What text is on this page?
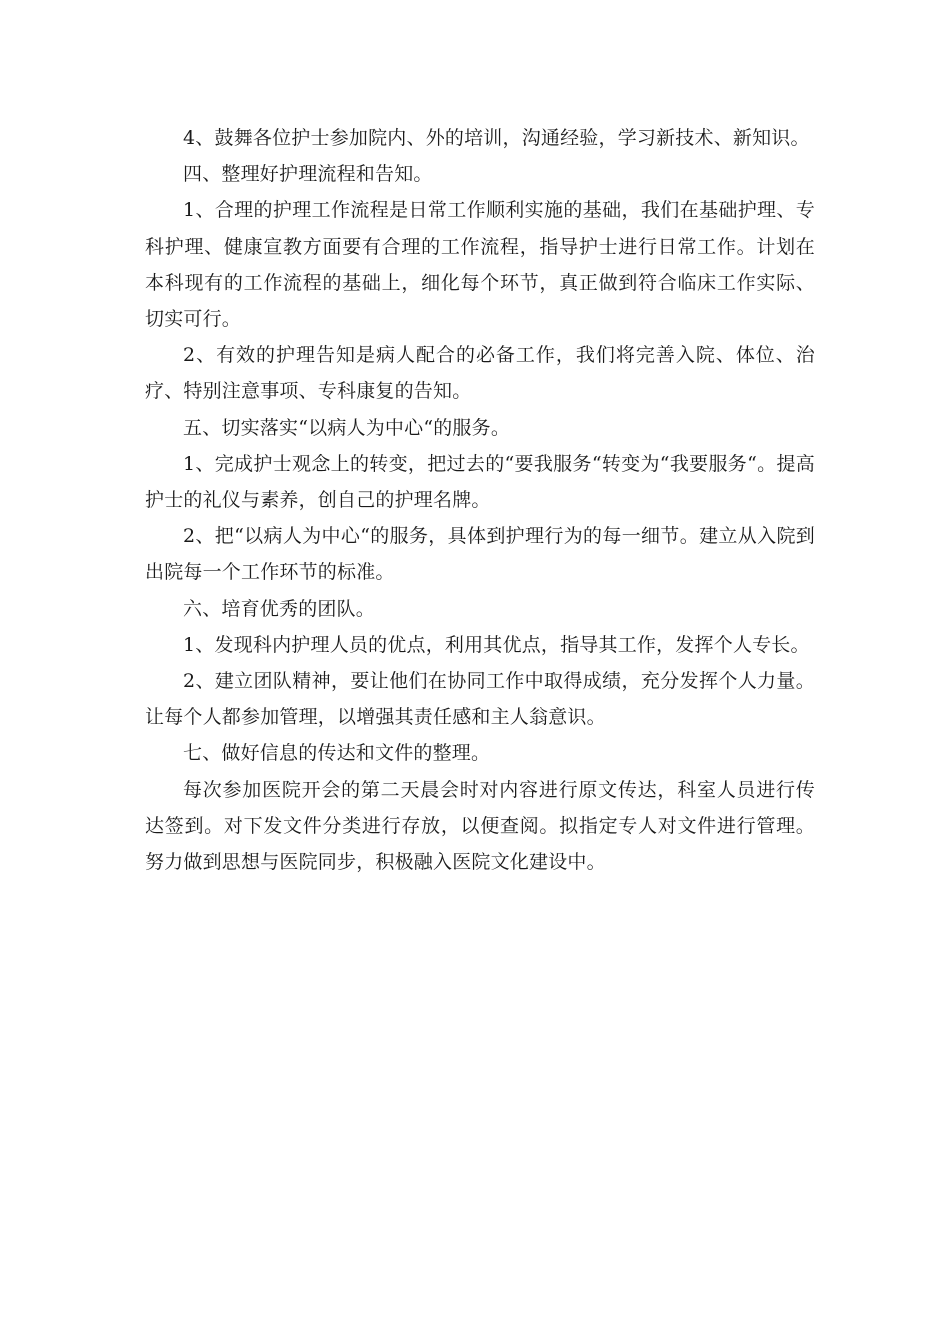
4、鼓舞各位护士参加院内、外的培训，沟通经验，学习新技术、新知识。

四、整理好护理流程和告知。

1、合理的护理工作流程是日常工作顺利实施的基础，我们在基础护理、专科护理、健康宣教方面要有合理的工作流程，指导护士进行日常工作。计划在本科现有的工作流程的基础上，细化每个环节，真正做到符合临床工作实际、切实可行。

2、有效的护理告知是病人配合的必备工作，我们将完善入院、体位、治疗、特别注意事项、专科康复的告知。

五、切实落实“以病人为中心“的服务。

1、完成护士观念上的转变，把过去的“要我服务“转变为“我要服务“。提高护士的礼仪与素养，创自己的护理名牌。

2、把“以病人为中心“的服务，具体到护理行为的每一细节。建立从入院到出院每一个工作环节的标准。

六、培育优秀的团队。

1、发现科内护理人员的优点，利用其优点，指导其工作，发挥个人专长。

2、建立团队精神，要让他们在协同工作中取得成绩，充分发挥个人力量。让每个人都参加管理，以增强其责任感和主人翁意识。

七、做好信息的传达和文件的整理。

每次参加医院开会的第二天晨会时对内容进行原文传达，科室人员进行传达签到。对下发文件分类进行存放，以便查阅。拟指定专人对文件进行管理。努力做到思想与医院同步，积极融入医院文化建设中。
